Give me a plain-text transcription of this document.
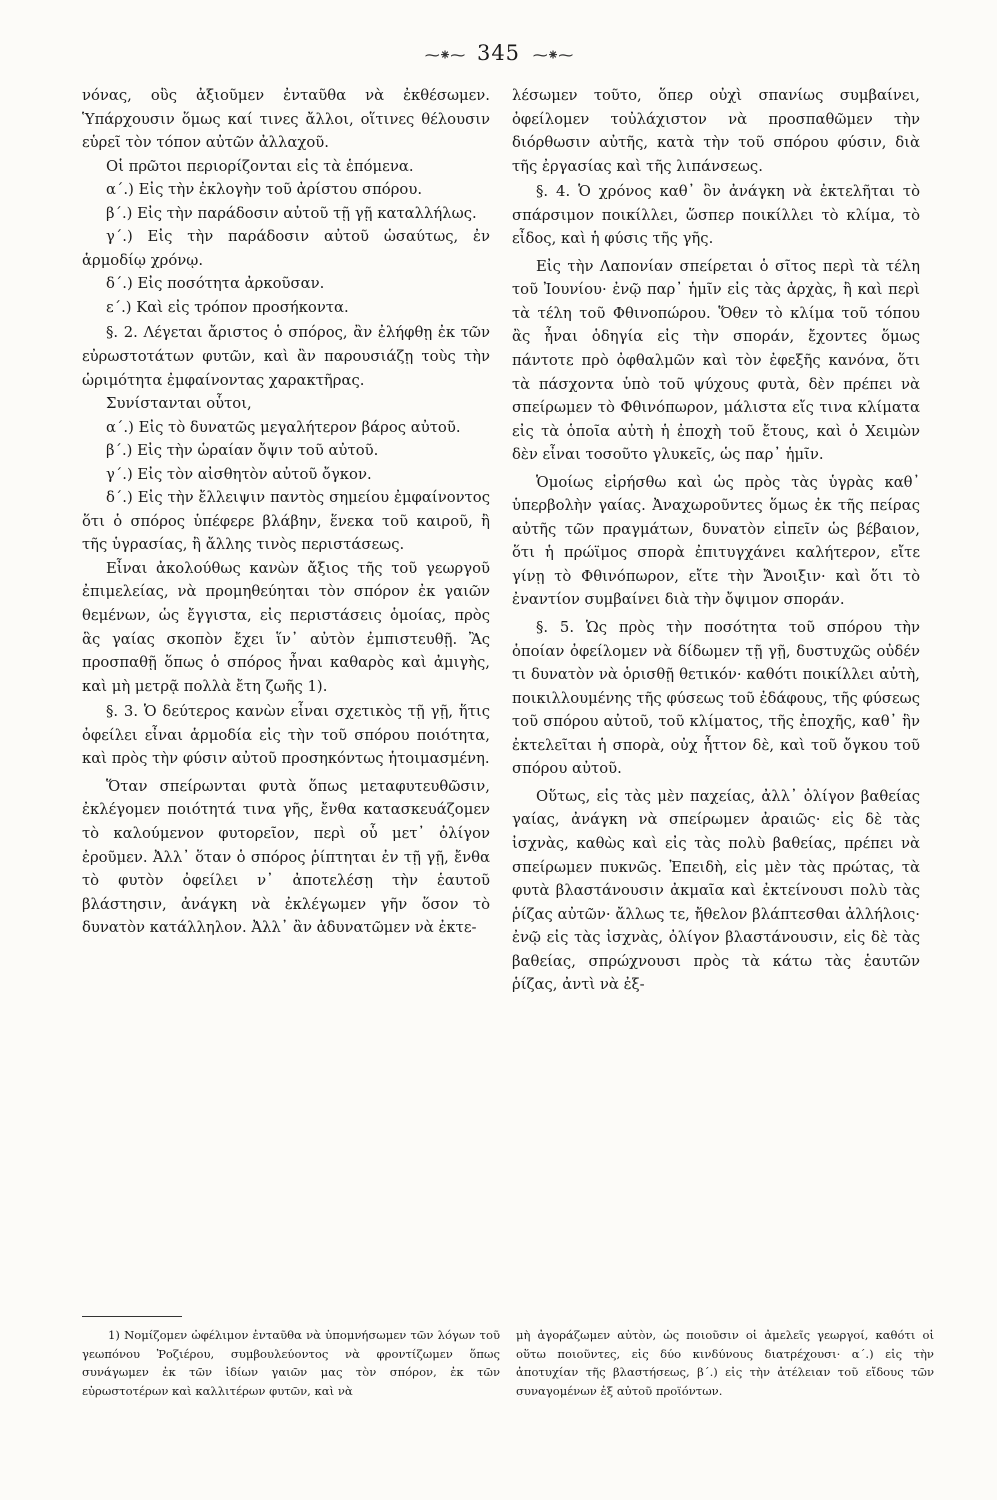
⁓⁕⁓ 345 ⁓⁕⁓

νόνας, οὓς ἀξιοῦμεν ἐνταῦθα νὰ ἐκθέσωμεν. Ὑπάρχουσιν ὅμως καί τινες ἄλλοι, οἵτινες θέλουσιν εὑρεῖ τὸν τόπον αὐτῶν ἀλλαχοῦ.

Οἱ πρῶτοι περιορίζονται εἰς τὰ ἑπόμενα.

α΄.) Εἰς τὴν ἐκλογὴν τοῦ ἀρίστου σπόρου.

β΄.) Εἰς τὴν παράδοσιν αὐτοῦ τῇ γῇ καταλλήλως.

γ΄.) Εἰς τὴν παράδοσιν αὐτοῦ ὡσαύτως, ἐν ἁρμοδίῳ χρόνῳ.

δ΄.) Εἰς ποσότητα ἀρκοῦσαν.

ε΄.) Καὶ εἰς τρόπον προσήκοντα.

§. 2. Λέγεται ἄριστος ὁ σπόρος, ἂν ἐλήφθῃ ἐκ τῶν εὐρωστοτάτων φυτῶν, καὶ ἂν παρουσιάζῃ τοὺς τὴν ὡριμότητα ἐμφαίνοντας χαρακτῆρας.

Συνίστανται οὗτοι,

α΄.) Εἰς τὸ δυνατῶς μεγαλήτερον βάρος αὐτοῦ.

β΄.) Εἰς τὴν ὡραίαν ὄψιν τοῦ αὐτοῦ.

γ΄.) Εἰς τὸν αἰσθητὸν αὐτοῦ ὄγκον.

δ΄.) Εἰς τὴν ἔλλειψιν παντὸς σημείου ἐμφαίνοντος ὅτι ὁ σπόρος ὑπέφερε βλάβην, ἕνεκα τοῦ καιροῦ, ἢ τῆς ὑγρασίας, ἢ ἄλλης τινὸς περιστάσεως.

Εἶναι ἀκολούθως κανὼν ἄξιος τῆς τοῦ γεωργοῦ ἐπιμελείας, νὰ προμηθεύηται τὸν σπόρον ἐκ γαιῶν θεμένων, ὡς ἔγγιστα, εἰς περιστάσεις ὁμοίας, πρὸς ἃς γαίας σκοπὸν ἔχει ἵν᾿ αὐτὸν ἐμπιστευθῇ. Ἂς προσπαθῇ ὅπως ὁ σπόρος ἦναι καθαρὸς καὶ ἀμιγὴς, καὶ μὴ μετρᾷ πολλὰ ἔτη ζωῆς 1).

§. 3. Ὁ δεύτερος κανὼν εἶναι σχετικὸς τῇ γῇ, ἥτις ὀφείλει εἶναι ἁρμοδία εἰς τὴν τοῦ σπόρου ποιότητα, καὶ πρὸς τὴν φύσιν αὐτοῦ προσηκόντως ἡτοιμασμένη.

Ὅταν σπείρωνται φυτὰ ὅπως μεταφυτευθῶσιν, ἐκλέγομεν ποιότητά τινα γῆς, ἔνθα κατασκευάζομεν τὸ καλούμενον φυτορεῖον, περὶ οὗ μετ᾿ ὀλίγον ἐροῦμεν. Ἀλλ᾿ ὅταν ὁ σπόρος ῥίπτηται ἐν τῇ γῇ, ἔνθα τὸ φυτὸν ὀφείλει ν᾿ ἀποτελέσῃ τὴν ἑαυτοῦ βλάστησιν, ἀνάγκη νὰ ἐκλέγωμεν γῆν ὅσον τὸ δυνατὸν κατάλληλον. Ἀλλ᾿ ἂν ἀδυνατῶμεν νὰ ἐκτε-

λέσωμεν τοῦτο, ὅπερ οὐχὶ σπανίως συμβαίνει, ὀφείλομεν τοὐλάχιστον νὰ προσπαθῶμεν τὴν διόρθωσιν αὐτῆς, κατὰ τὴν τοῦ σπόρου φύσιν, διὰ τῆς ἐργασίας καὶ τῆς λιπάνσεως.

§. 4. Ὁ χρόνος καθ᾿ ὃν ἀνάγκη νὰ ἐκτελῆται τὸ σπάρσιμον ποικίλλει, ὥσπερ ποικίλλει τὸ κλίμα, τὸ εἶδος, καὶ ἡ φύσις τῆς γῆς.

Εἰς τὴν Λαπονίαν σπείρεται ὁ σῖτος περὶ τὰ τέλη τοῦ Ἰουνίου· ἐνῷ παρ᾿ ἡμῖν εἰς τὰς ἀρχὰς, ἢ καὶ περὶ τὰ τέλη τοῦ Φθινοπώρου. Ὅθεν τὸ κλίμα τοῦ τόπου ἂς ἦναι ὁδηγία εἰς τὴν σποράν, ἔχοντες ὅμως πάντοτε πρὸ ὀφθαλμῶν καὶ τὸν ἐφεξῆς κανόνα, ὅτι τὰ πάσχοντα ὑπὸ τοῦ ψύχους φυτὰ, δὲν πρέπει νὰ σπείρωμεν τὸ Φθινόπωρον, μάλιστα εἴς τινα κλίματα εἰς τὰ ὁποῖα αὐτὴ ἡ ἐποχὴ τοῦ ἔτους, καὶ ὁ Χειμὼν δὲν εἶναι τοσοῦτο γλυκεῖς, ὡς παρ᾿ ἡμῖν.

Ὁμοίως εἰρήσθω καὶ ὡς πρὸς τὰς ὑγρὰς καθ᾿ ὑπερβολὴν γαίας. Ἀναχωροῦντες ὅμως ἐκ τῆς πείρας αὐτῆς τῶν πραγμάτων, δυνατὸν εἰπεῖν ὡς βέβαιον, ὅτι ἡ πρώϊμος σπορὰ ἐπιτυγχάνει καλήτερον, εἴτε γίνῃ τὸ Φθινόπωρον, εἴτε τὴν Ἄνοιξιν· καὶ ὅτι τὸ ἐναντίον συμβαίνει διὰ τὴν ὄψιμον σποράν.

§. 5. Ὡς πρὸς τὴν ποσότητα τοῦ σπόρου τὴν ὁποίαν ὀφείλομεν νὰ δίδωμεν τῇ γῇ, δυστυχῶς οὐδέν τι δυνατὸν νὰ ὁρισθῇ θετικόν· καθότι ποικίλλει αὐτὴ, ποικιλλουμένης τῆς φύσεως τοῦ ἐδάφους, τῆς φύσεως τοῦ σπόρου αὐτοῦ, τοῦ κλίματος, τῆς ἐποχῆς, καθ᾿ ἣν ἐκτελεῖται ἡ σπορὰ, οὐχ ἧττον δὲ, καὶ τοῦ ὄγκου τοῦ σπόρου αὐτοῦ.

Οὕτως, εἰς τὰς μὲν παχείας, ἀλλ᾿ ὀλίγον βαθείας γαίας, ἀνάγκη νὰ σπείρωμεν ἀραιῶς· εἰς δὲ τὰς ἰσχνὰς, καθὼς καὶ εἰς τὰς πολὺ βαθείας, πρέπει νὰ σπείρωμεν πυκνῶς. Ἐπειδὴ, εἰς μὲν τὰς πρώτας, τὰ φυτὰ βλαστάνουσιν ἀκμαῖα καὶ ἐκτείνουσι πολὺ τὰς ῥίζας αὐτῶν· ἄλλως τε, ἤθελον βλάπτεσθαι ἀλλήλοις· ἐνῷ εἰς τὰς ἰσχνὰς, ὀλίγον βλαστάνουσιν, εἰς δὲ τὰς βαθείας, σπρώχνουσι πρὸς τὰ κάτω τὰς ἑαυτῶν ῥίζας, ἀντὶ νὰ ἐξ-

1) Νομίζομεν ὠφέλιμον ἐνταῦθα νὰ ὑπομνήσωμεν τῶν λόγων τοῦ γεωπόνου Ῥοζιέρου, συμβουλεύοντος νὰ φροντίζωμεν ὅπως συνάγωμεν ἐκ τῶν ἰδίων γαιῶν μας τὸν σπόρον, ἐκ τῶν εὐρωστοτέρων καὶ καλλιτέρων φυτῶν, καὶ νὰ

μὴ ἀγοράζωμεν αὐτὸν, ὡς ποιοῦσιν οἱ ἀμελεῖς γεωργοί, καθότι οἱ οὕτω ποιοῦντες, εἰς δύο κινδύνους διατρέχουσι· α΄.) εἰς τὴν ἀποτυχίαν τῆς βλαστήσεως, β΄.) εἰς τὴν ἀτέλειαν τοῦ εἴδους τῶν συναγομένων ἐξ αὐτοῦ προϊόντων.
